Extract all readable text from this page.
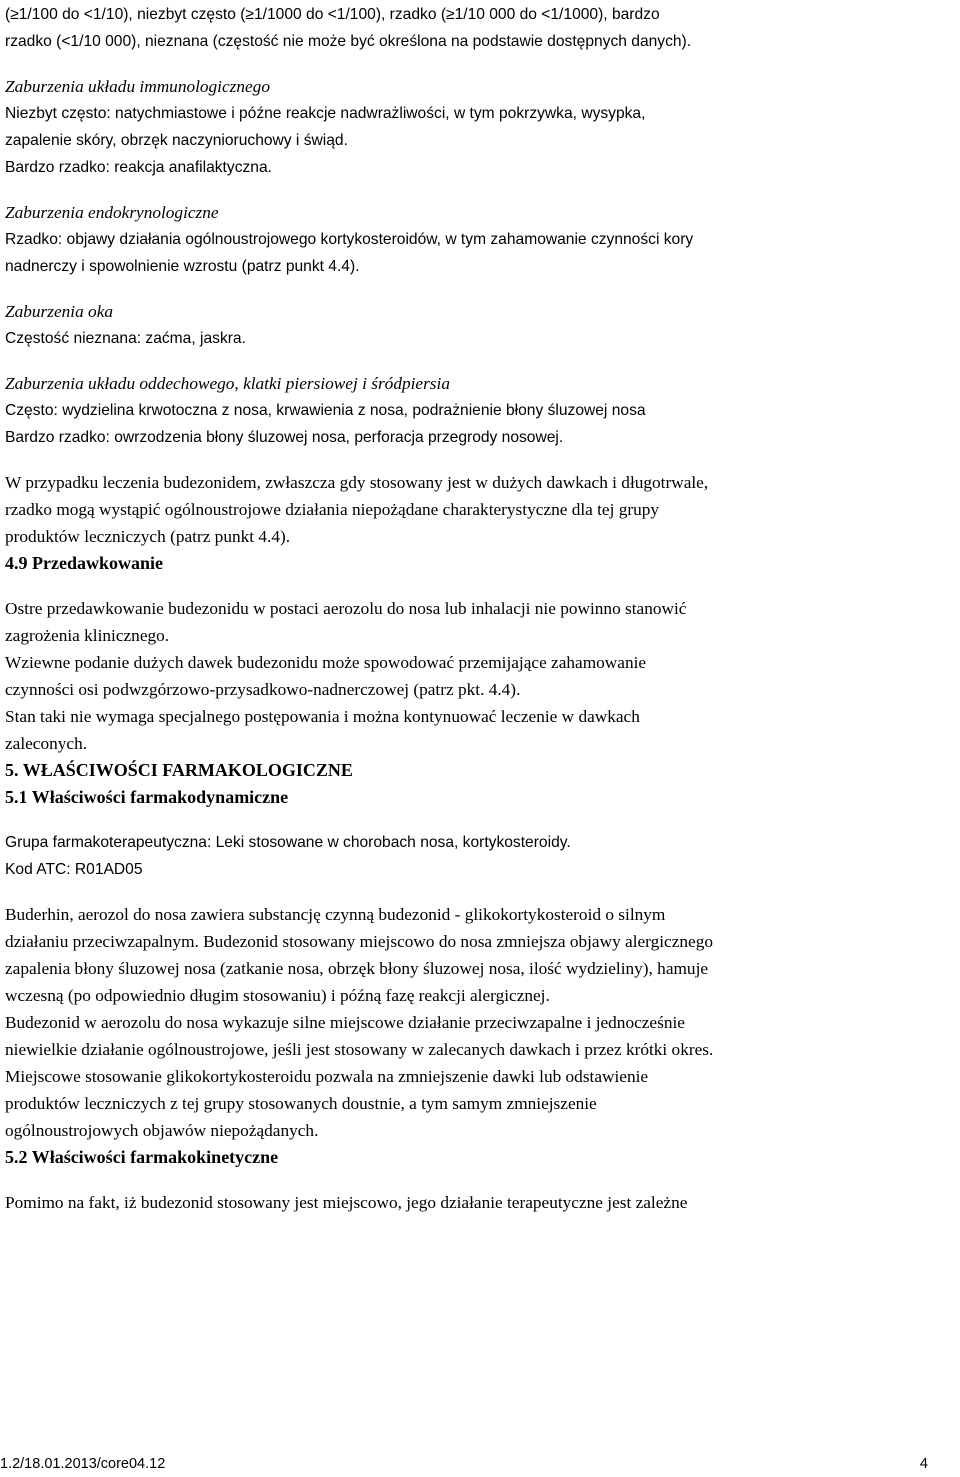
(≥1/100 do <1/10), niezbyt często (≥1/1000 do <1/100), rzadko (≥1/10 000 do <1/1000), bardzo

rzadko (<1/10 000), nieznana (częstość nie może być określona na podstawie dostępnych danych).

Zaburzenia układu immunologicznego

Niezbyt często: natychmiastowe i późne reakcje nadwrażliwości, w tym pokrzywka, wysypka,

zapalenie skóry, obrzęk naczynioruchowy i świąd.

Bardzo rzadko: reakcja anafilaktyczna.

Zaburzenia endokrynologiczne

Rzadko: objawy działania ogólnoustrojowego kortykosteroidów, w tym zahamowanie czynności kory

nadnerczy i spowolnienie wzrostu (patrz punkt 4.4).

Zaburzenia oka

Częstość nieznana: zaćma, jaskra.

Zaburzenia układu oddechowego, klatki piersiowej i śródpiersia

Często: wydzielina krwotoczna z nosa, krwawienia z nosa, podrażnienie błony śluzowej nosa

Bardzo rzadko: owrzodzenia błony śluzowej nosa, perforacja przegrody nosowej.

W przypadku leczenia budezonidem, zwłaszcza gdy stosowany jest w dużych dawkach i długotrwale,

rzadko mogą wystąpić ogólnoustrojowe działania niepożądane charakterystyczne dla tej grupy

produktów leczniczych (patrz punkt 4.4).

4.9 Przedawkowanie

Ostre przedawkowanie budezonidu w postaci aerozolu do nosa lub inhalacji nie powinno stanowić

zagrożenia klinicznego.

Wziewne podanie dużych dawek budezonidu może spowodować przemijające zahamowanie

czynności osi podwzgórzowo-przysadkowo-nadnerczowej (patrz pkt. 4.4).

Stan taki nie wymaga specjalnego postępowania i można kontynuować leczenie w dawkach

zaleconych.

5. WŁAŚCIWOŚCI FARMAKOLOGICZNE
5.1 Właściwości farmakodynamiczne

Grupa farmakoterapeutyczna: Leki stosowane w chorobach nosa, kortykosteroidy.

Kod ATC: R01AD05

Buderhin, aerozol do nosa zawiera substancję czynną budezonid - glikokortykosteroid o silnym

działaniu przeciwzapalnym. Budezonid stosowany miejscowo do nosa zmniejsza objawy alergicznego

zapalenia błony śluzowej nosa (zatkanie nosa, obrzęk błony śluzowej nosa, ilość wydzieliny), hamuje

wczesną (po odpowiednio długim stosowaniu) i późną fazę reakcji alergicznej.

Budezonid w aerozolu do nosa wykazuje silne miejscowe działanie przeciwzapalne i jednocześnie

niewielkie działanie ogólnoustrojowe, jeśli jest stosowany w zalecanych dawkach i przez krótki okres.

Miejscowe stosowanie glikokortykosteroidu pozwala na zmniejszenie dawki lub odstawienie

produktów leczniczych z tej grupy stosowanych doustnie, a tym samym zmniejszenie

ogólnoustrojowych objawów niepożądanych.

5.2 Właściwości farmakokinetyczne

Pomimo na fakt, iż budezonid stosowany jest miejscowo, jego działanie terapeutyczne jest zależne

1.2/18.01.2013/core04.12	4
